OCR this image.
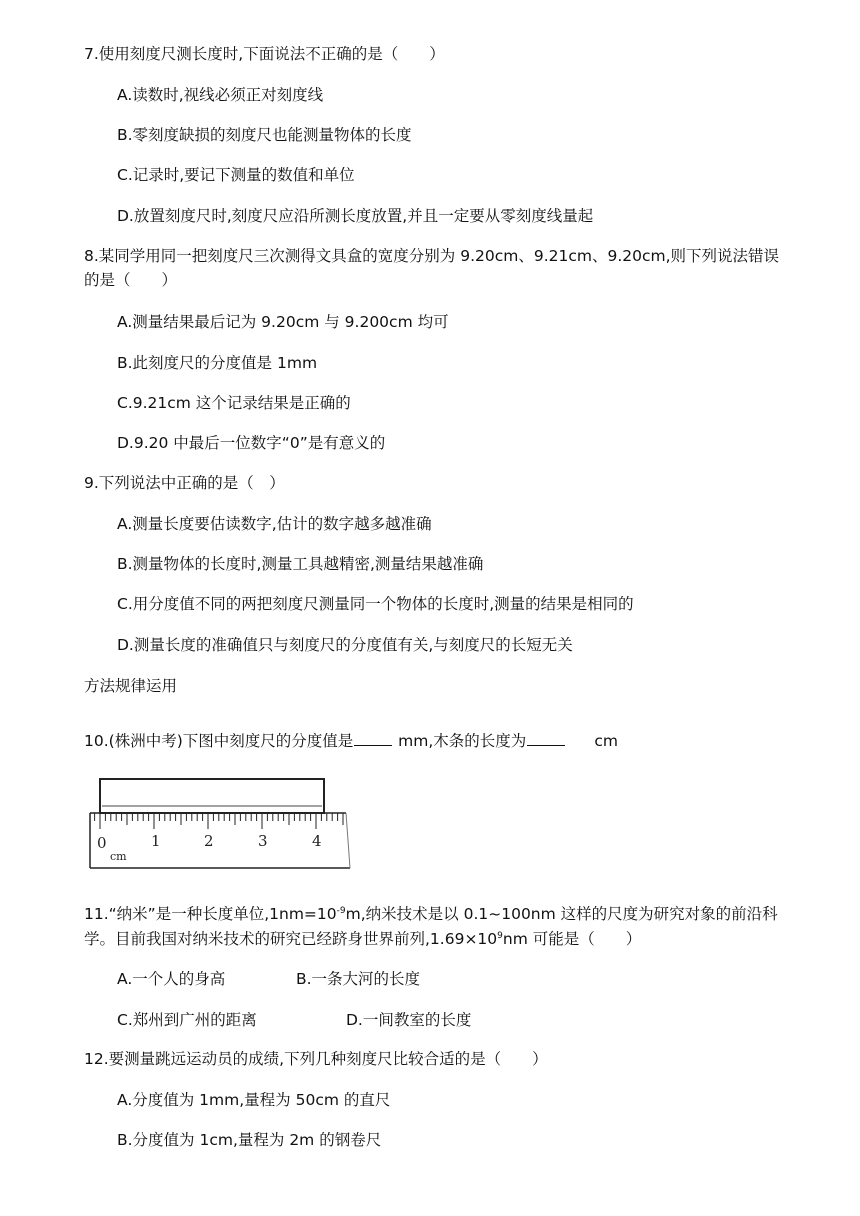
7.使用刻度尺测长度时,下面说法不正确的是（　　）
A.读数时,视线必须正对刻度线
B.零刻度缺损的刻度尺也能测量物体的长度
C.记录时,要记下测量的数值和单位
D.放置刻度尺时,刻度尺应沿所测长度放置,并且一定要从零刻度线量起
8.某同学用同一把刻度尺三次测得文具盒的宽度分别为 9.20cm、9.21cm、9.20cm,则下列说法错误
的是（　　）
A.测量结果最后记为 9.20cm 与 9.200cm 均可
B.此刻度尺的分度值是 1mm
C.9.21cm 这个记录结果是正确的
D.9.20 中最后一位数字“0”是有意义的
9.下列说法中正确的是（　）
A.测量长度要估读数字,估计的数字越多越准确
B.测量物体的长度时,测量工具越精密,测量结果越准确
C.用分度值不同的两把刻度尺测量同一个物体的长度时,测量的结果是相同的
D.测量长度的准确值只与刻度尺的分度值有关,与刻度尺的长短无关
方法规律运用
10.(株洲中考)下图中刻度尺的分度值是	mm,木条的长度为	cm
0	1	2	3	4
cm
11.“纳米”是一种长度单位$,1nm=10^{-9}m$,纳米技术是以 0.1~100nm 这样的尺度为研究对象的前沿科
学。目前我国对纳米技术的研究已经跻身世界前列$,1.69\times 10^9nm$ 可能是（　　）
A.一个人的身高	B.一条大河的长度
C.郑州到广州的距离	D.一间教室的长度
12.要测量跳远运动员的成绩,下列几种刻度尺比较合适的是（　　）
A.分度值为 1mm,量程为 50cm 的直尺
B.分度值为 1cm,量程为 2m 的钢卷尺
